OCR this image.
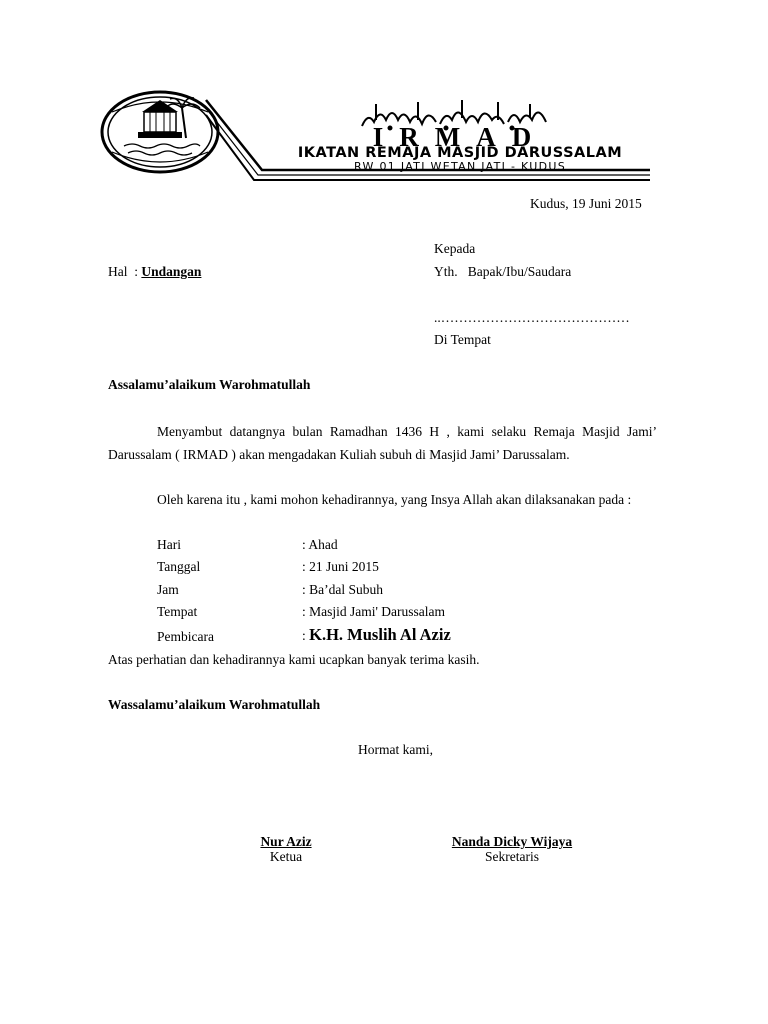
IRMAD
IKATAN REMAJA MASJID DARUSSALAM
RW 01 JATI WETAN JATI - KUDUS
Kudus, 19 Juni 2015
Kepada
Yth.   Bapak/Ibu/Saudara
..……………………………………
Di Tempat
Hal  : Undangan
Assalamu’alaikum Warohmatullah
Menyambut datangnya bulan Ramadhan 1436 H , kami selaku Remaja Masjid Jami’ Darussalam ( IRMAD ) akan mengadakan Kuliah subuh di Masjid Jami’ Darussalam.
Oleh karena itu , kami mohon kehadirannya, yang Insya Allah akan dilaksanakan pada :
Hari	: Ahad
Tanggal	: 21 Juni 2015
Jam	: Ba’dal Subuh
Tempat	: Masjid Jami' Darussalam
Pembicara	: K.H. Muslih Al Aziz
Atas perhatian dan kehadirannya kami ucapkan banyak terima kasih.
Wassalamu’alaikum Warohmatullah
Hormat kami,
Nur Aziz
Ketua
Nanda Dicky Wijaya
Sekretaris
